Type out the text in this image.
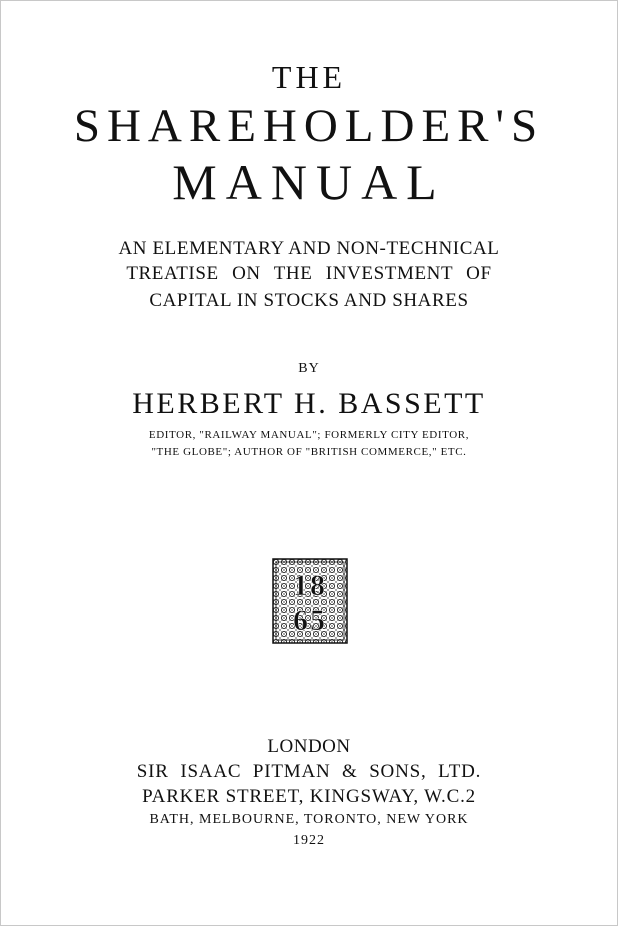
THE
SHAREHOLDER'S
MANUAL
AN ELEMENTARY AND NON-TECHNICAL
TREATISE ON THE INVESTMENT OF
CAPITAL IN STOCKS AND SHARES
BY
HERBERT H. BASSETT
EDITOR, "RAILWAY MANUAL"; FORMERLY CITY EDITOR,
"THE GLOBE"; AUTHOR OF "BRITISH COMMERCE," ETC.
18
65
LONDON
SIR ISAAC PITMAN & SONS, LTD.
PARKER STREET, KINGSWAY, W.C.2
BATH, MELBOURNE, TORONTO, NEW YORK
1922
